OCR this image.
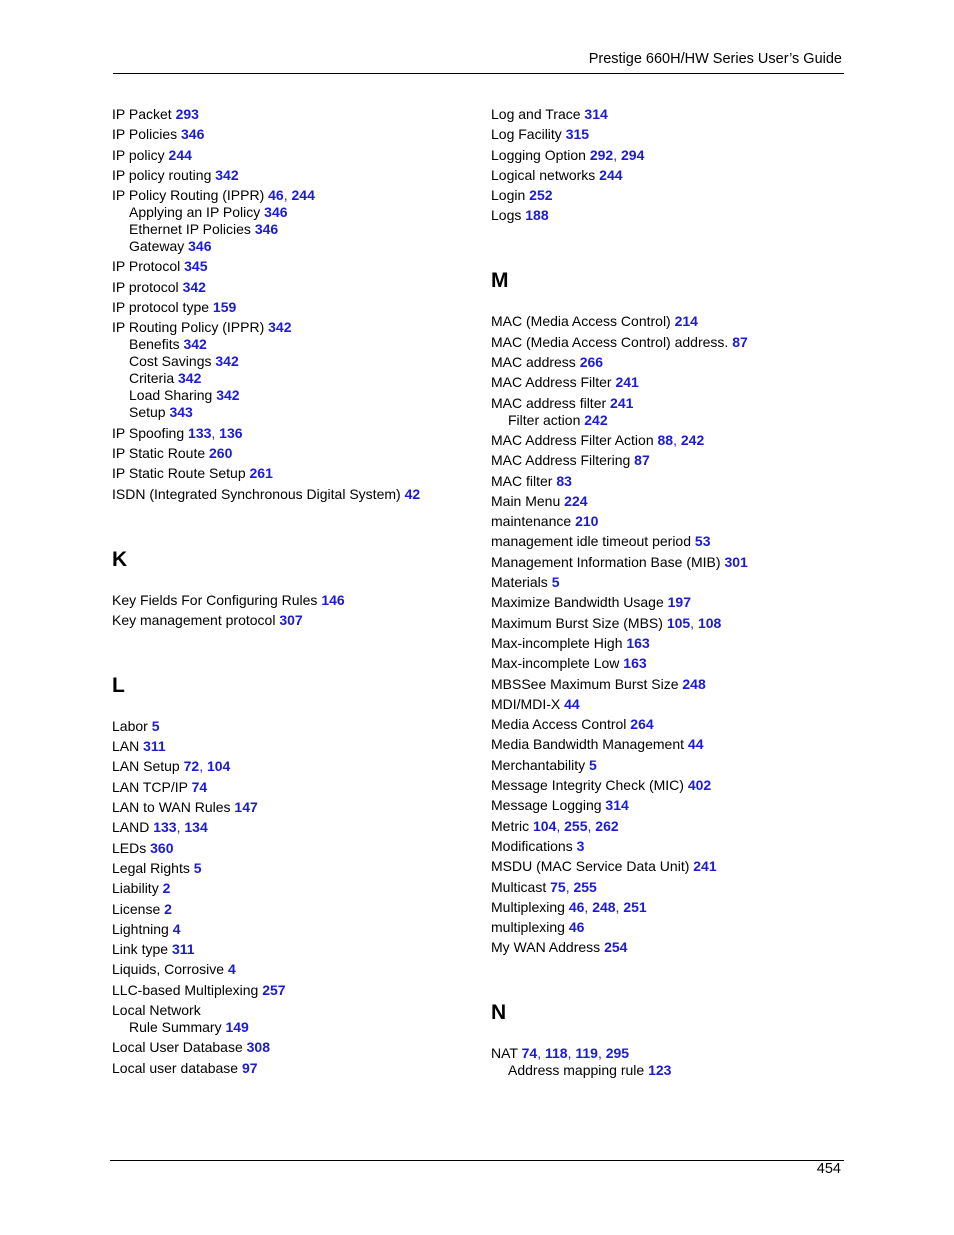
Prestige 660H/HW Series User’s Guide
IP Packet 293
IP Policies 346
IP policy 244
IP policy routing 342
IP Policy Routing (IPPR) 46, 244
Applying an IP Policy 346
Ethernet IP Policies 346
Gateway 346
IP Protocol 345
IP protocol 342
IP protocol type 159
IP Routing Policy (IPPR) 342
Benefits 342
Cost Savings 342
Criteria 342
Load Sharing 342
Setup 343
IP Spoofing 133, 136
IP Static Route 260
IP Static Route Setup 261
ISDN (Integrated Synchronous Digital System) 42
K
Key Fields For Configuring Rules 146
Key management protocol 307
L
Labor 5
LAN 311
LAN Setup 72, 104
LAN TCP/IP 74
LAN to WAN Rules 147
LAND 133, 134
LEDs 360
Legal Rights 5
Liability 2
License 2
Lightning 4
Link type 311
Liquids, Corrosive 4
LLC-based Multiplexing 257
Local Network
Rule Summary 149
Local User Database 308
Local user database 97
Log and Trace 314
Log Facility 315
Logging Option 292, 294
Logical networks 244
Login 252
Logs 188
M
MAC (Media Access Control) 214
MAC (Media Access Control) address. 87
MAC address 266
MAC Address Filter 241
MAC address filter 241
Filter action 242
MAC Address Filter Action 88, 242
MAC Address Filtering 87
MAC filter 83
Main Menu 224
maintenance 210
management idle timeout period 53
Management Information Base (MIB) 301
Materials 5
Maximize Bandwidth Usage 197
Maximum Burst Size (MBS) 105, 108
Max-incomplete High 163
Max-incomplete Low 163
MBSSee Maximum Burst Size 248
MDI/MDI-X 44
Media Access Control 264
Media Bandwidth Management 44
Merchantability 5
Message Integrity Check (MIC) 402
Message Logging 314
Metric 104, 255, 262
Modifications 3
MSDU (MAC Service Data Unit) 241
Multicast 75, 255
Multiplexing 46, 248, 251
multiplexing 46
My WAN Address 254
N
NAT 74, 118, 119, 295
Address mapping rule 123
454
